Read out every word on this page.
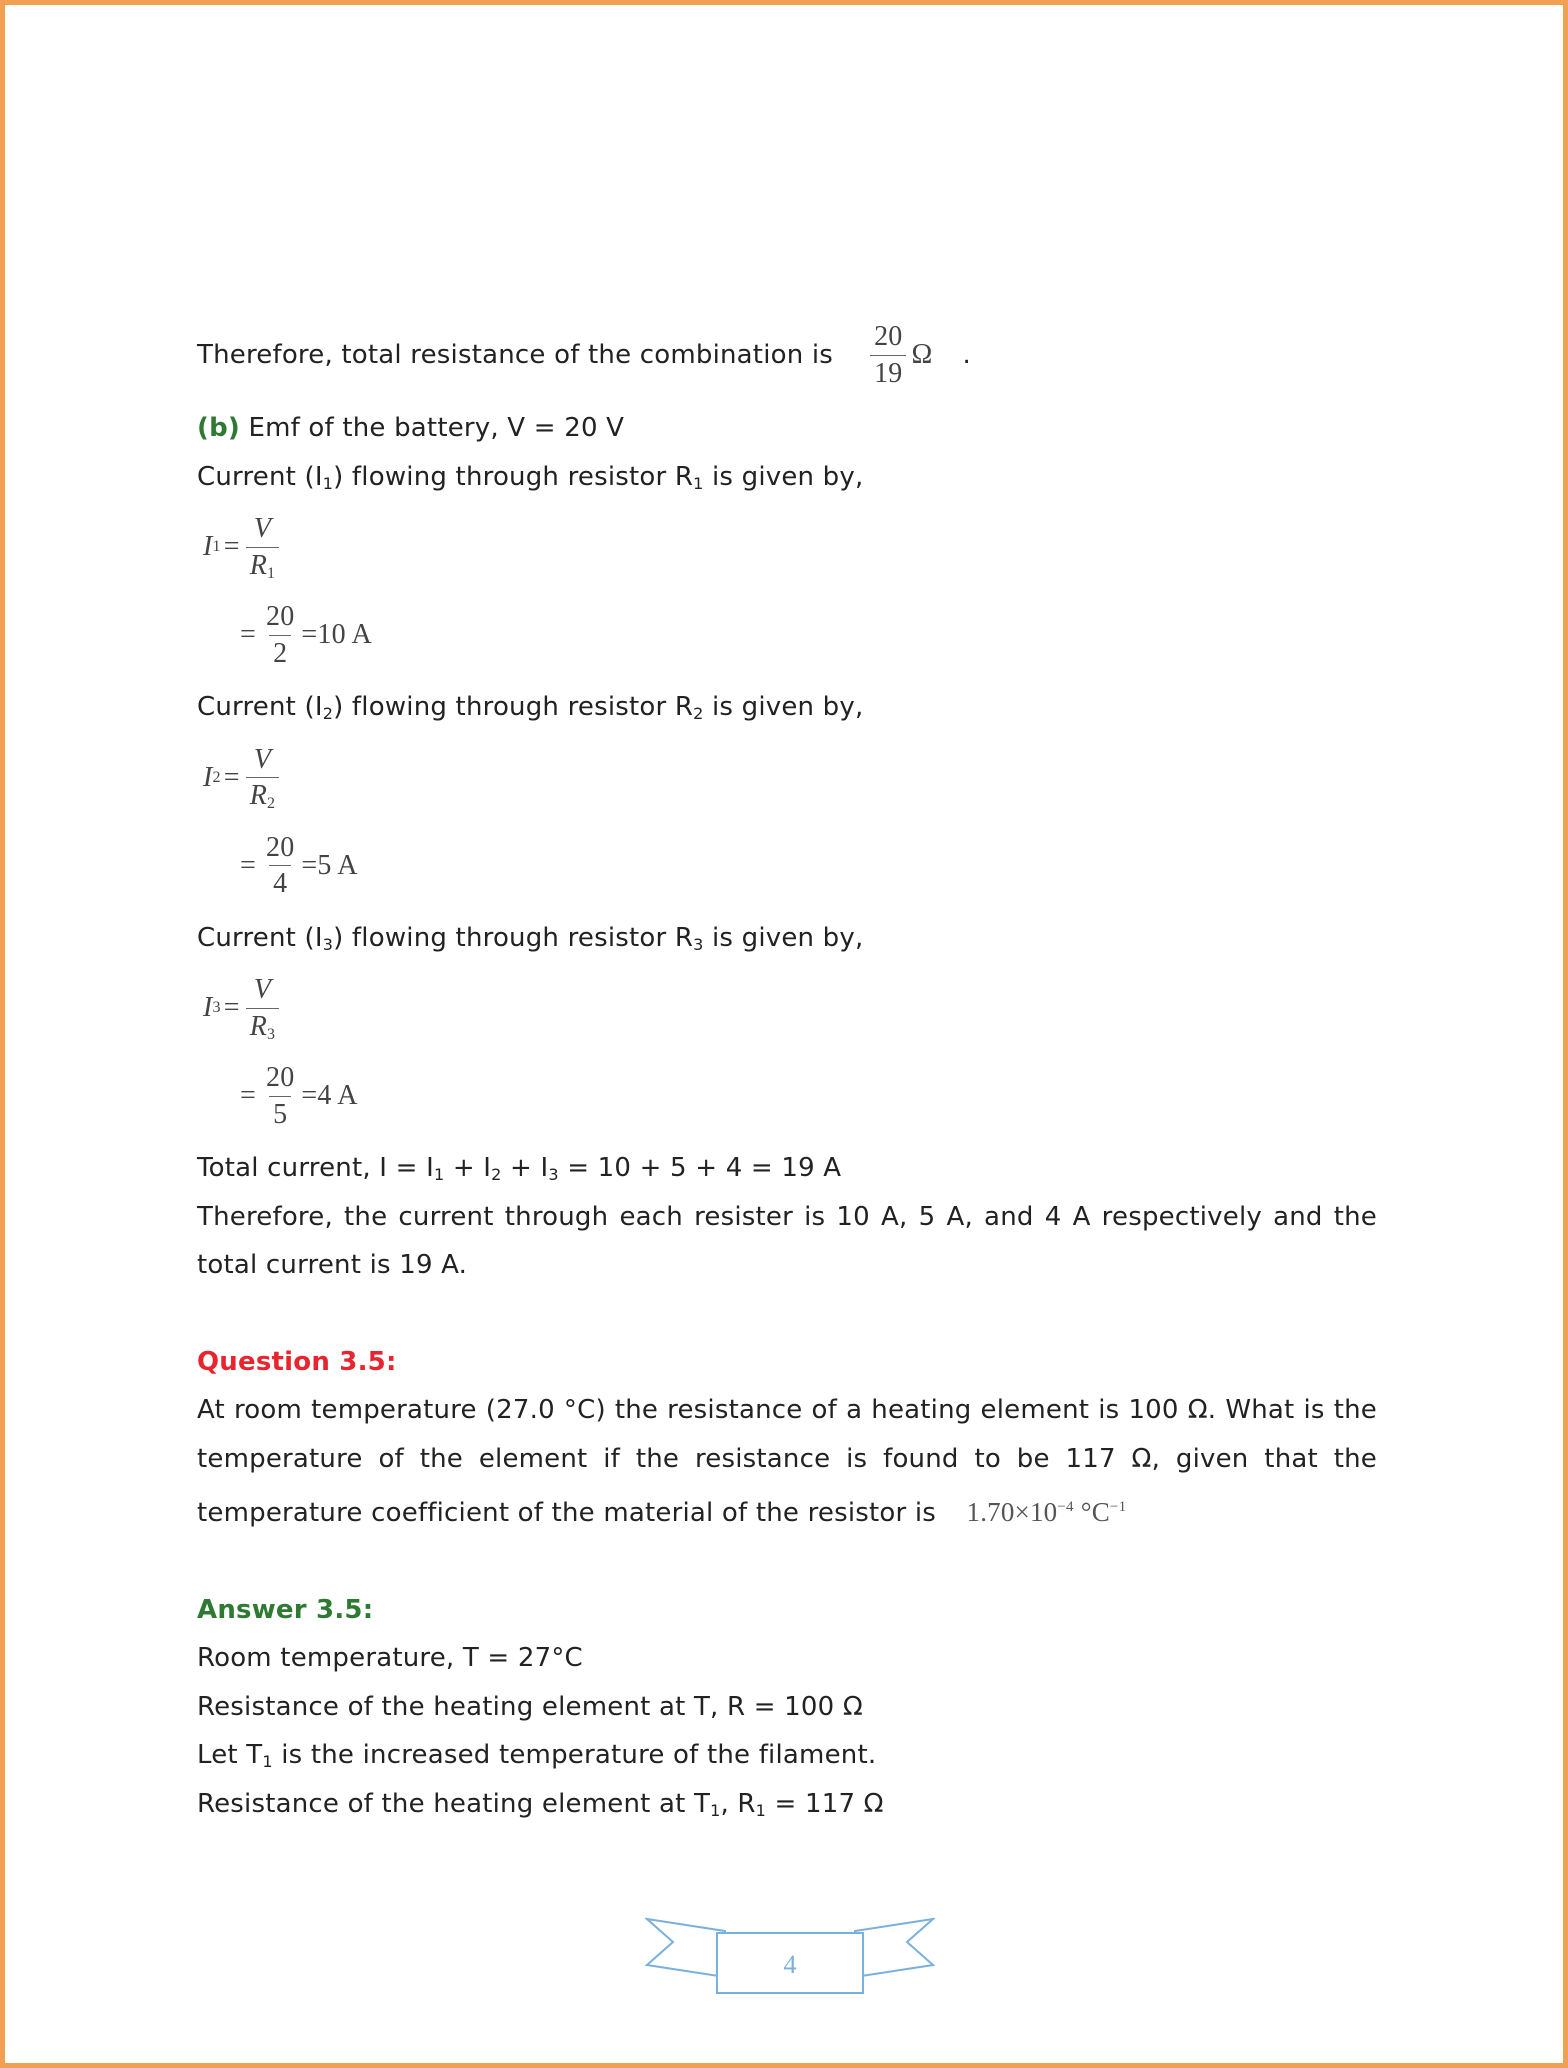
Therefore, total resistance of the combination is $\frac{20}{19}$ Ω .
(b) Emf of the battery, V = 20 V
Current $(I_1)$ flowing through resistor $R_1$ is given by,
I $1 = \frac{V}{R_1}$
= $\frac{20}{2} =10$ A
Current $(I_2)$ flowing through resistor $R_2$ is given by,
I $2 = \frac{V}{R_2}$
= $\frac{20}{4} =5$ A
Current $(I_3)$ flowing through resistor $R_3$ is given by,
I $3 = \frac{V}{R_3}$
= $\frac{20}{5} =4$ A
Total current, $I = I_1 + I_2 + I_3 = 10 + 5 + 4 = 19$ A
Therefore, the current through each resister is 10 A, 5 A, and 4 A respectively and the total current is 19 A.
Question 3.5:
At room temperature (27.0 °C) the resistance of a heating element is 100 Ω. What is the temperature of the element if the resistance is found to be 117 Ω, given that the temperature coefficient of the material of the resistor is $1.70\times 10^{-4}$ $^\circ C^{-1}$
Answer 3.5:
Room temperature, T = 27°C
Resistance of the heating element at T, R = 100 Ω
Let $T_1$ is the increased temperature of the filament.
Resistance of the heating element at $T_1$, $R_1 = 117$ Ω
4
